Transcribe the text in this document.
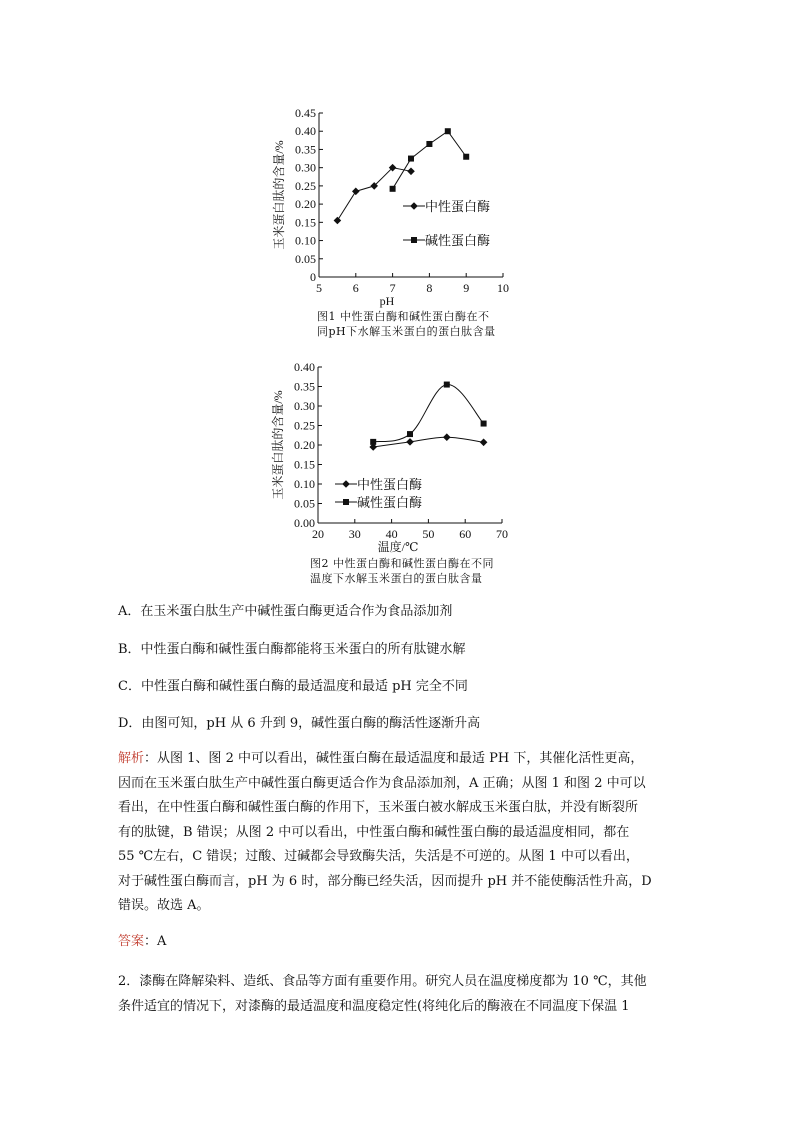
0
0.05
0.10
0.15
0.20
0.25
0.30
0.35
0.40
0.45
5	6	7	8	9 10
pH
玉米蛋白肽的含量/%	中性蛋白酶
碱性蛋白酶
0.00
0.05
0.10
0.15
0.20
0.25
0.30
0.35
0.40
20 30 40 50 60 70
温度/℃
玉米蛋白肽的含量/%	中性蛋白酶
碱性蛋白酶
图1 中性蛋白酶和碱性蛋白酶在不
同pH下水解玉米蛋白的蛋白肽含量
图2 中性蛋白酶和碱性蛋白酶在不同
温度下水解玉米蛋白的蛋白肽含量
A．在玉米蛋白肽生产中碱性蛋白酶更适合作为食品添加剂
B．中性蛋白酶和碱性蛋白酶都能将玉米蛋白的所有肽键水解
C．中性蛋白酶和碱性蛋白酶的最适温度和最适 pH 完全不同
D．由图可知，pH 从 6 升到 9，碱性蛋白酶的酶活性逐渐升高
解析：从图 1、图 2 中可以看出，碱性蛋白酶在最适温度和最适 PH 下，其催化活性更高，
因而在玉米蛋白肽生产中碱性蛋白酶更适合作为食品添加剂，A 正确；从图 1 和图 2 中可以
看出，在中性蛋白酶和碱性蛋白酶的作用下，玉米蛋白被水解成玉米蛋白肽，并没有断裂所
有的肽键，B 错误；从图 2 中可以看出，中性蛋白酶和碱性蛋白酶的最适温度相同，都在
55 ℃左右，C 错误；过酸、过碱都会导致酶失活，失活是不可逆的。从图 1 中可以看出，
对于碱性蛋白酶而言，pH 为 6 时，部分酶已经失活，因而提升 pH 并不能使酶活性升高，D
错误。故选 A。
答案：A
2．漆酶在降解染料、造纸、食品等方面有重要作用。研究人员在温度梯度都为 10 ℃，其他
条件适宜的情况下，对漆酶的最适温度和温度稳定性(将纯化后的酶液在不同温度下保温 1
